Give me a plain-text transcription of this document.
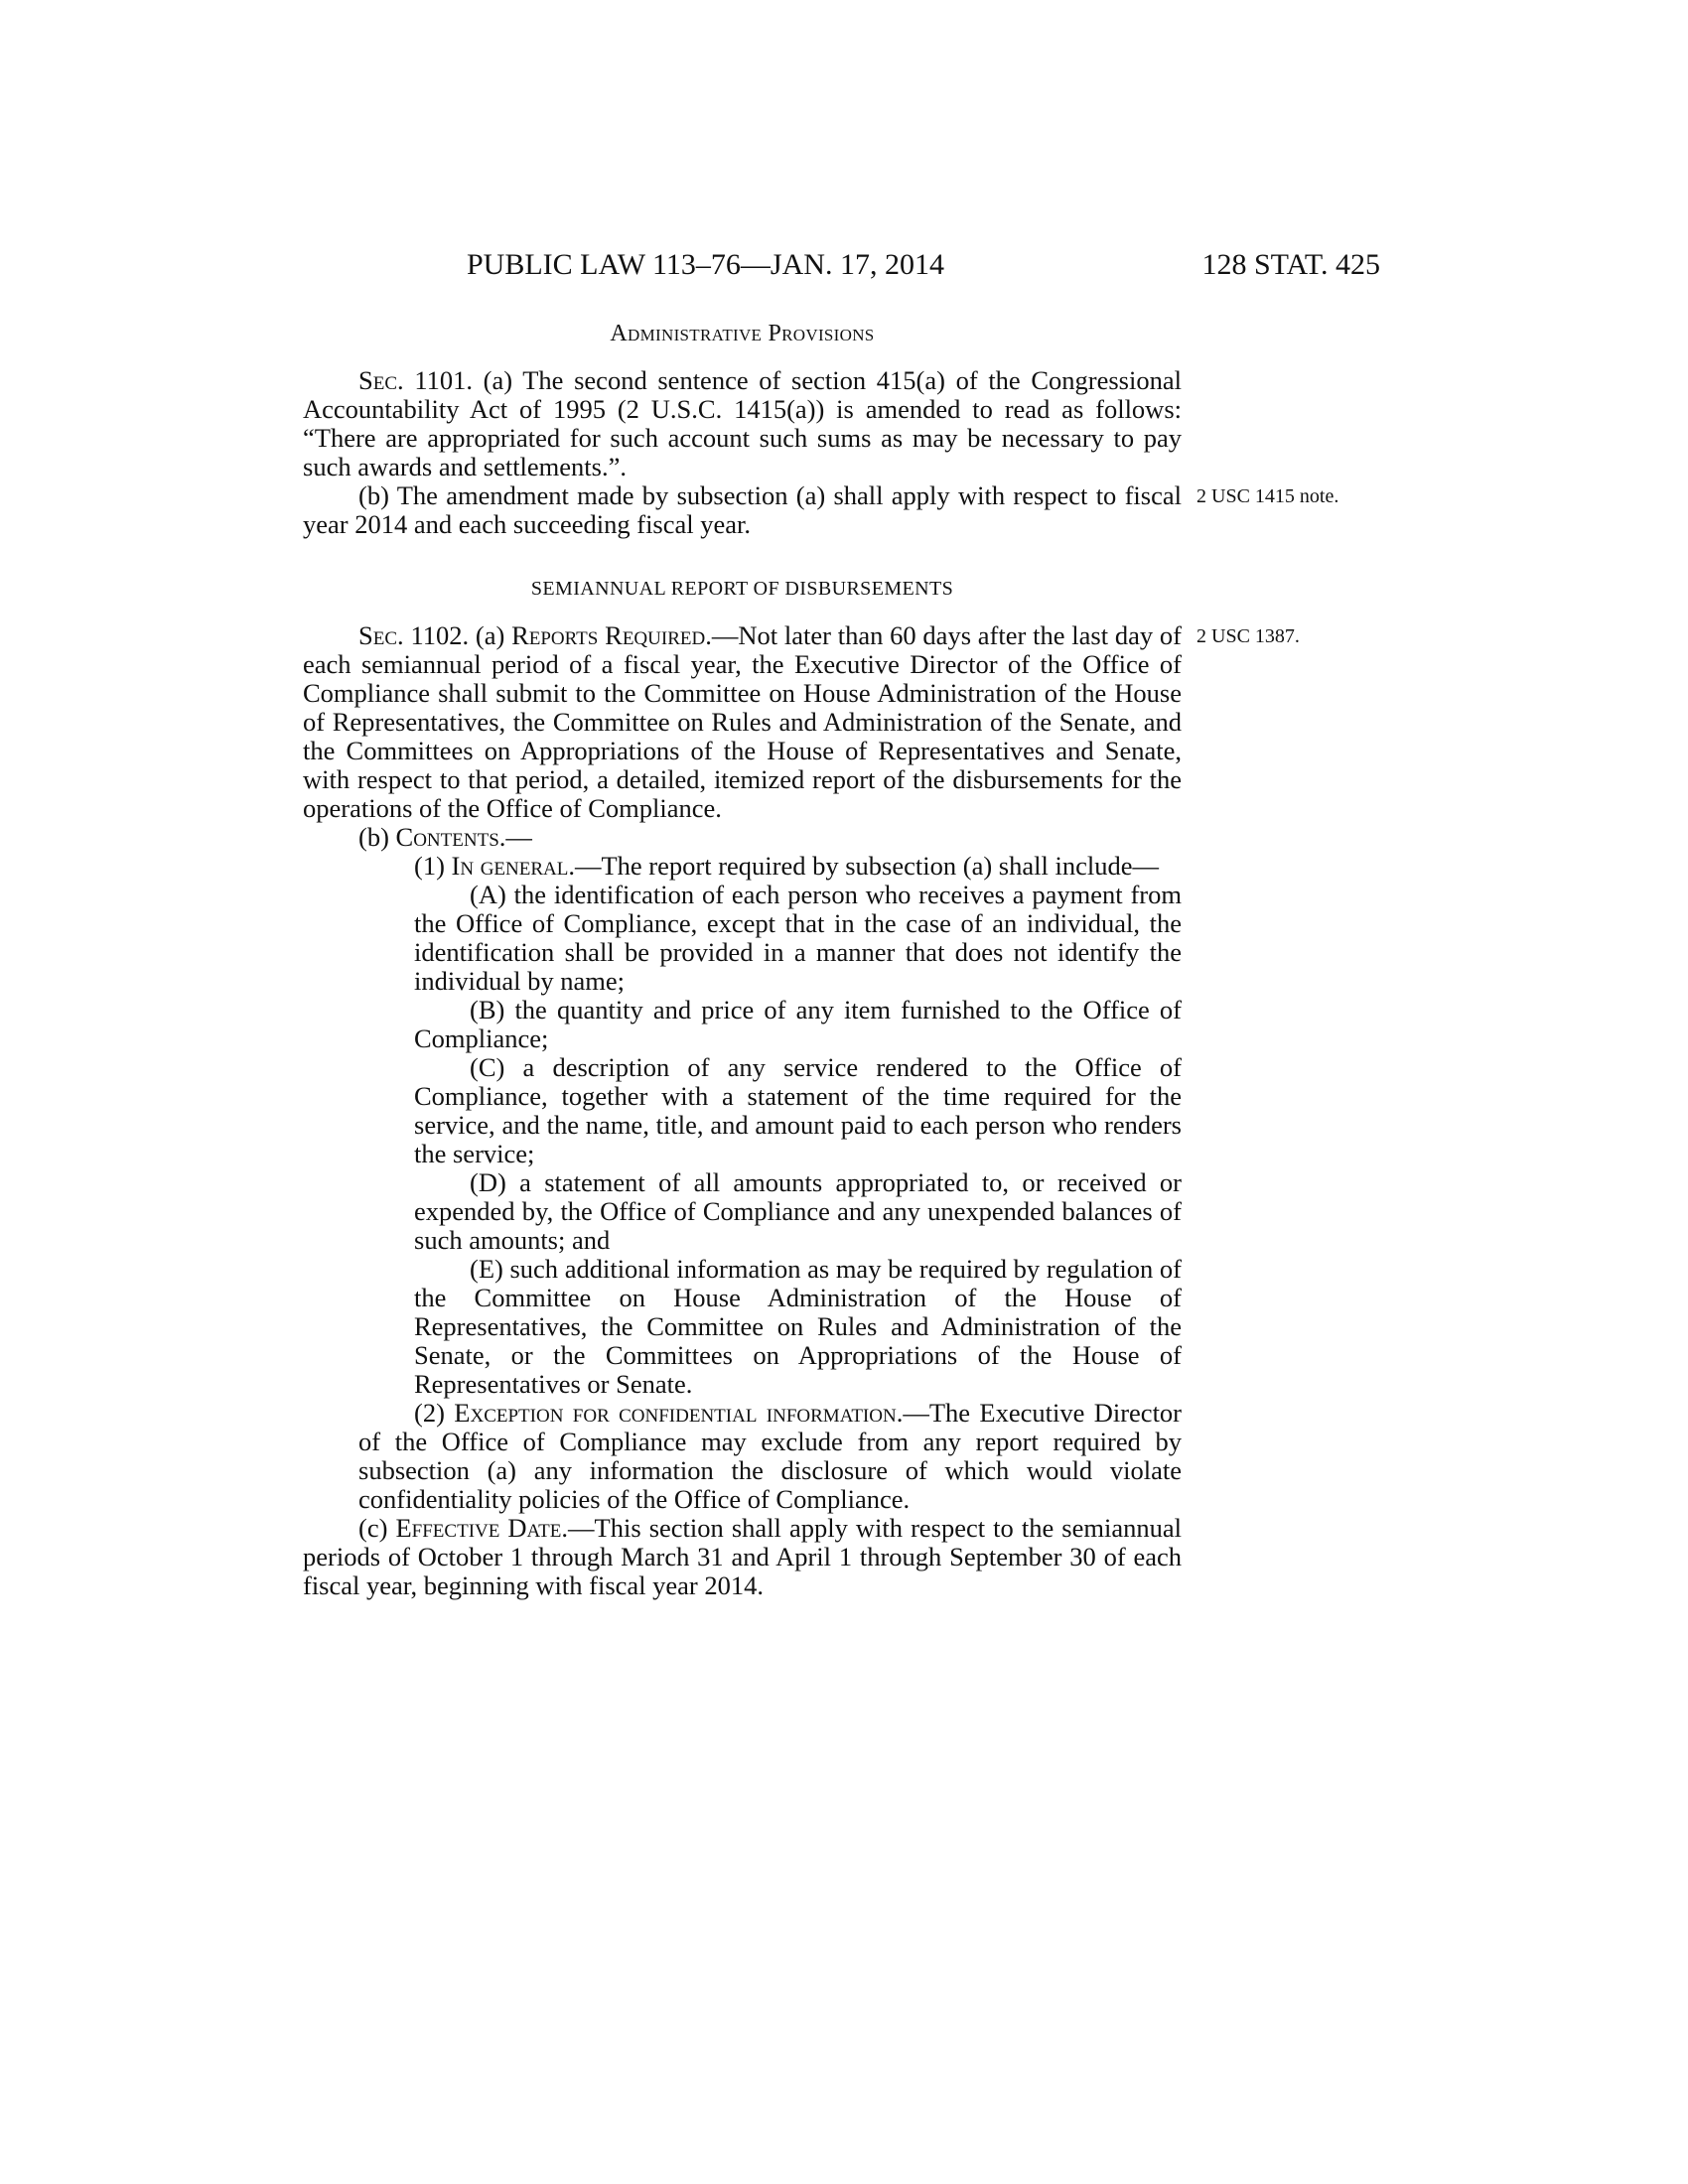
PUBLIC LAW 113–76—JAN. 17, 2014	128 STAT. 425
Administrative Provisions

Sec. 1101. (a) The second sentence of section 415(a) of the Congressional Accountability Act of 1995 (2 U.S.C. 1415(a)) is amended to read as follows: “There are appropriated for such account such sums as may be necessary to pay such awards and settlements.”.

(b) The amendment made by subsection (a) shall apply with respect to fiscal year 2014 and each succeeding fiscal year.
2 USC 1415 note.

SEMIANNUAL REPORT OF DISBURSEMENTS

Sec. 1102. (a) Reports Required.—Not later than 60 days after the last day of each semiannual period of a fiscal year, the Executive Director of the Office of Compliance shall submit to the Committee on House Administration of the House of Representatives, the Committee on Rules and Administration of the Senate, and the Committees on Appropriations of the House of Representatives and Senate, with respect to that period, a detailed, itemized report of the disbursements for the operations of the Office of Compliance.
2 USC 1387.

(b) Contents.—

(1) In general.—The report required by subsection (a) shall include—

(A) the identification of each person who receives a payment from the Office of Compliance, except that in the case of an individual, the identification shall be provided in a manner that does not identify the individual by name;

(B) the quantity and price of any item furnished to the Office of Compliance;

(C) a description of any service rendered to the Office of Compliance, together with a statement of the time required for the service, and the name, title, and amount paid to each person who renders the service;

(D) a statement of all amounts appropriated to, or received or expended by, the Office of Compliance and any unexpended balances of such amounts; and

(E) such additional information as may be required by regulation of the Committee on House Administration of the House of Representatives, the Committee on Rules and Administration of the Senate, or the Committees on Appropriations of the House of Representatives or Senate.

(2) Exception for confidential information.—The Executive Director of the Office of Compliance may exclude from any report required by subsection (a) any information the disclosure of which would violate confidentiality policies of the Office of Compliance.

(c) Effective Date.—This section shall apply with respect to the semiannual periods of October 1 through March 31 and April 1 through September 30 of each fiscal year, beginning with fiscal year 2014.
